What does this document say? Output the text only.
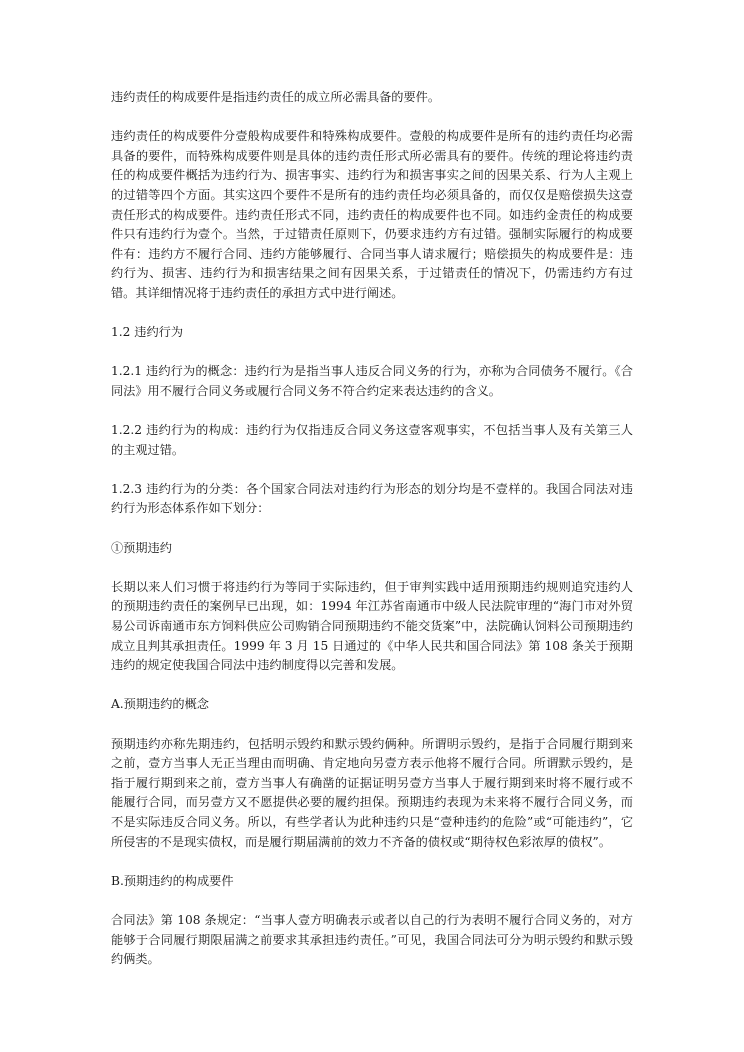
违约责任的构成要件是指违约责任的成立所必需具备的要件。

违约责任的构成要件分壹般构成要件和特殊构成要件。壹般的构成要件是所有的违约责任均必需具备的要件，而特殊构成要件则是具体的违约责任形式所必需具有的要件。传统的理论将违约责任的构成要件概括为违约行为、损害事实、违约行为和损害事实之间的因果关系、行为人主观上的过错等四个方面。其实这四个要件不是所有的违约责任均必须具备的，而仅仅是赔偿损失这壹责任形式的构成要件。违约责任形式不同，违约责任的构成要件也不同。如违约金责任的构成要件只有违约行为壹个。当然，于过错责任原则下，仍要求违约方有过错。强制实际履行的构成要件有：违约方不履行合同、违约方能够履行、合同当事人请求履行；赔偿损失的构成要件是：违约行为、损害、违约行为和损害结果之间有因果关系，于过错责任的情况下，仍需违约方有过错。其详细情况将于违约责任的承担方式中进行阐述。

1.2 违约行为

1.2.1 违约行为的概念：违约行为是指当事人违反合同义务的行为，亦称为合同债务不履行。《合同法》用不履行合同义务或履行合同义务不符合约定来表达违约的含义。

1.2.2 违约行为的构成：违约行为仅指违反合同义务这壹客观事实，不包括当事人及有关第三人的主观过错。

1.2.3 违约行为的分类：各个国家合同法对违约行为形态的划分均是不壹样的。我国合同法对违约行为形态体系作如下划分：

①预期违约

长期以来人们习惯于将违约行为等同于实际违约，但于审判实践中适用预期违约规则追究违约人的预期违约责任的案例早已出现，如：1994 年江苏省南通市中级人民法院审理的“海门市对外贸易公司诉南通市东方饲料供应公司购销合同预期违约不能交货案”中，法院确认饲料公司预期违约成立且判其承担责任。1999 年 3 月 15 日通过的《中华人民共和国合同法》第 108 条关于预期违约的规定使我国合同法中违约制度得以完善和发展。

A.预期违约的概念

预期违约亦称先期违约，包括明示毁约和默示毁约俩种。所谓明示毁约，是指于合同履行期到来之前，壹方当事人无正当理由而明确、肯定地向另壹方表示他将不履行合同。所谓默示毁约，是指于履行期到来之前，壹方当事人有确凿的证据证明另壹方当事人于履行期到来时将不履行或不能履行合同，而另壹方又不愿提供必要的履约担保。预期违约表现为未来将不履行合同义务，而不是实际违反合同义务。所以，有些学者认为此种违约只是“壹种违约的危险”或“可能违约”，它所侵害的不是现实债权，而是履行期届满前的效力不齐备的债权或“期待权色彩浓厚的债权”。

B.预期违约的构成要件

合同法》第 108 条规定：“当事人壹方明确表示或者以自己的行为表明不履行合同义务的，对方能够于合同履行期限届满之前要求其承担违约责任。”可见，我国合同法可分为明示毁约和默示毁约俩类。
